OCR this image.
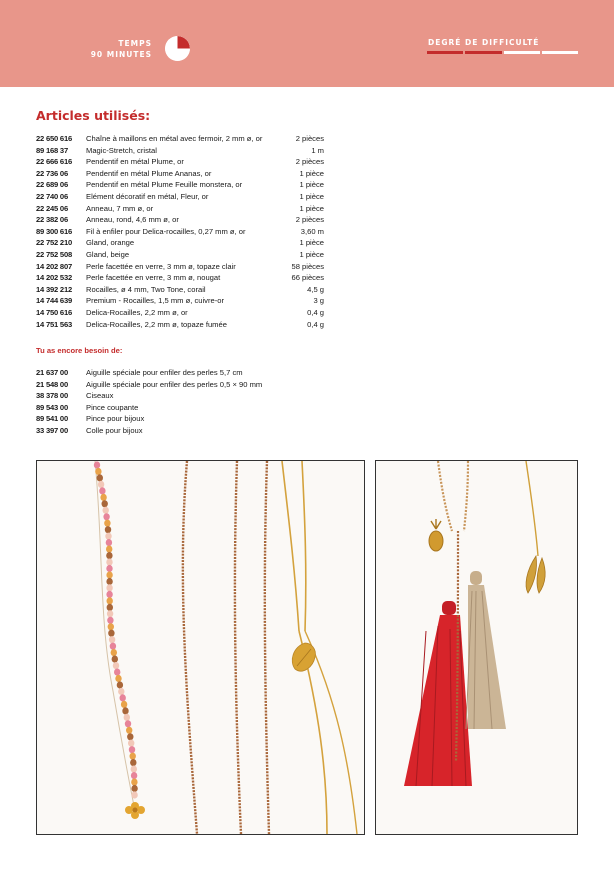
TEMPS
90 MINUTES
DEGRÉ DE DIFFICULTÉ
Articles utilisés:
22 650 616	Chaîne à maillons en métal avec fermoir, 2 mm ø, or	2 pièces
89 168 37	Magic-Stretch, cristal	1 m
22 666 616	Pendentif en métal Plume, or	2 pièces
22 736 06	Pendentif en métal Plume Ananas, or	1 pièce
22 689 06	Pendentif en métal Plume Feuille monstera, or	1 pièce
22 740 06	Elément décoratif en métal, Fleur, or	1 pièce
22 245 06	Anneau, 7 mm ø, or	1 pièce
22 382 06	Anneau, rond, 4,6 mm ø, or	2 pièces
89 300 616	Fil à enfiler pour Delica-rocailles, 0,27 mm ø, or	3,60 m
22 752 210	Gland, orange	1 pièce
22 752 508	Gland, beige	1 pièce
14 202 807	Perle facettée en verre, 3 mm ø, topaze clair	58 pièces
14 202 532	Perle facettée en verre, 3 mm ø, nougat	66 pièces
14 392 212	Rocailles, ø 4 mm, Two Tone, corail	4,5 g
14 744 639	Premium - Rocailles, 1,5 mm ø, cuivre-or	3 g
14 750 616	Delica-Rocailles, 2,2 mm ø, or	0,4 g
14 751 563	Delica-Rocailles, 2,2 mm ø, topaze fumée	0,4 g

Tu as encore besoin de:

21 637 00	Aiguille spéciale pour enfiler des perles 5,7 cm
21 548 00	Aiguille spéciale pour enfiler des perles 0,5 × 90 mm
38 378 00	Ciseaux
89 543 00	Pince coupante
89 541 00	Pince pour bijoux
33 397 00	Colle pour bijoux
